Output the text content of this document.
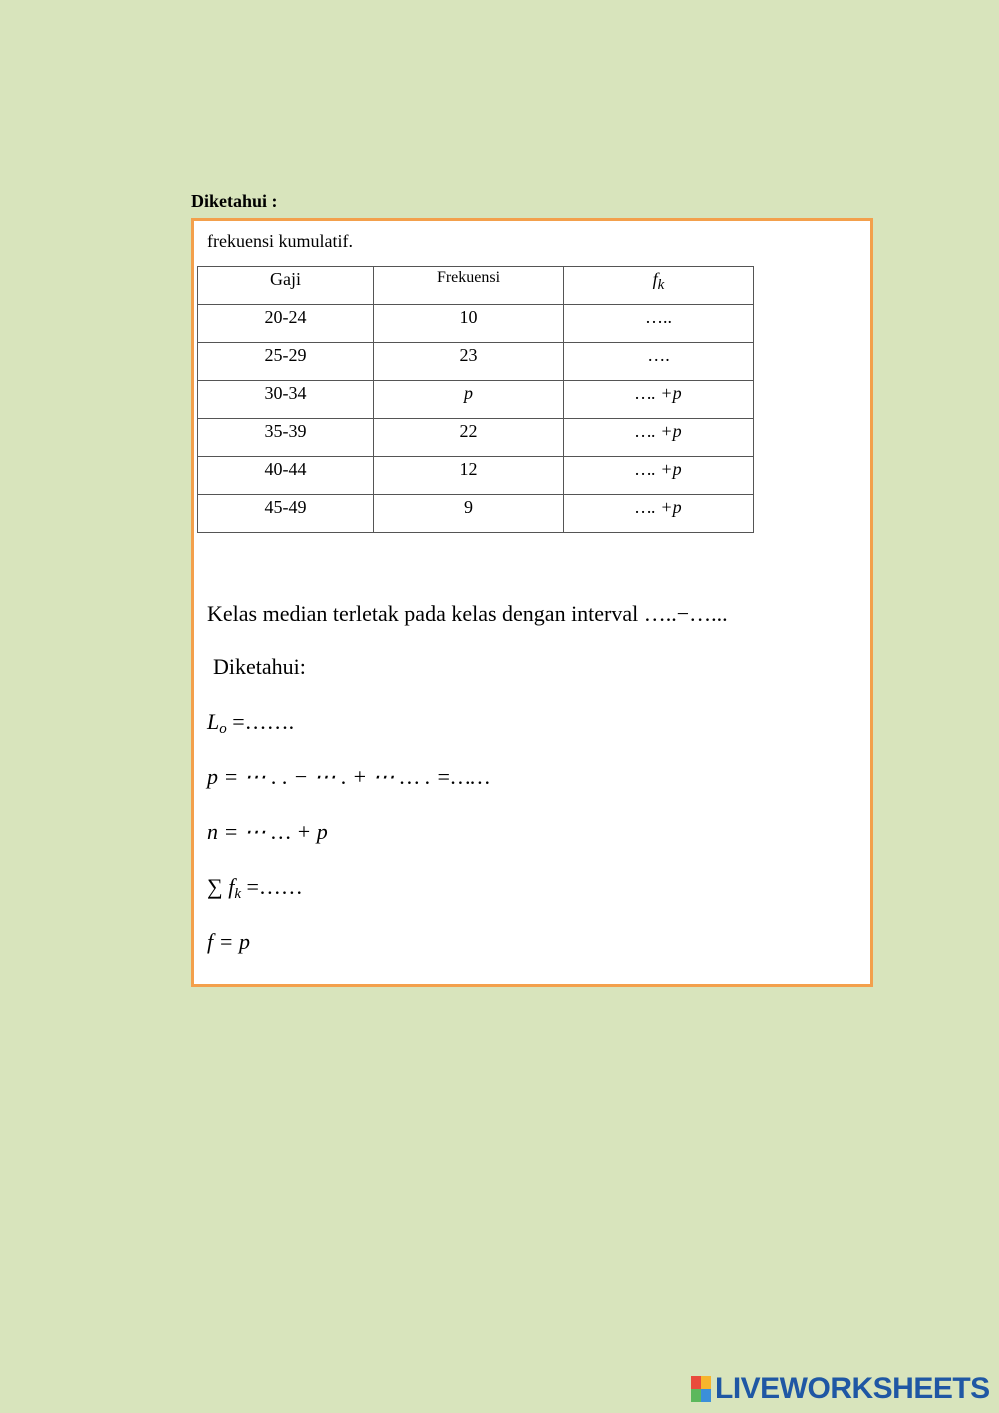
Diketahui :
frekuensi kumulatif.
Gaji	Frekuensi	$f_k$
20-24	10	…..
25-29	23	….
30-34	p	…. +p
35-39	22	…. +p
40-44	12	…. +p
45-49	9	…. +p
Kelas median terletak pada kelas dengan interval …..−…...
Diketahui:
$L_o$ =…….
p = ⋯ . . − ⋯ . + ⋯ … . =……
n = ⋯ … + p
∑ $f_k$ =……
f = p
LIVEWORKSHEETS
